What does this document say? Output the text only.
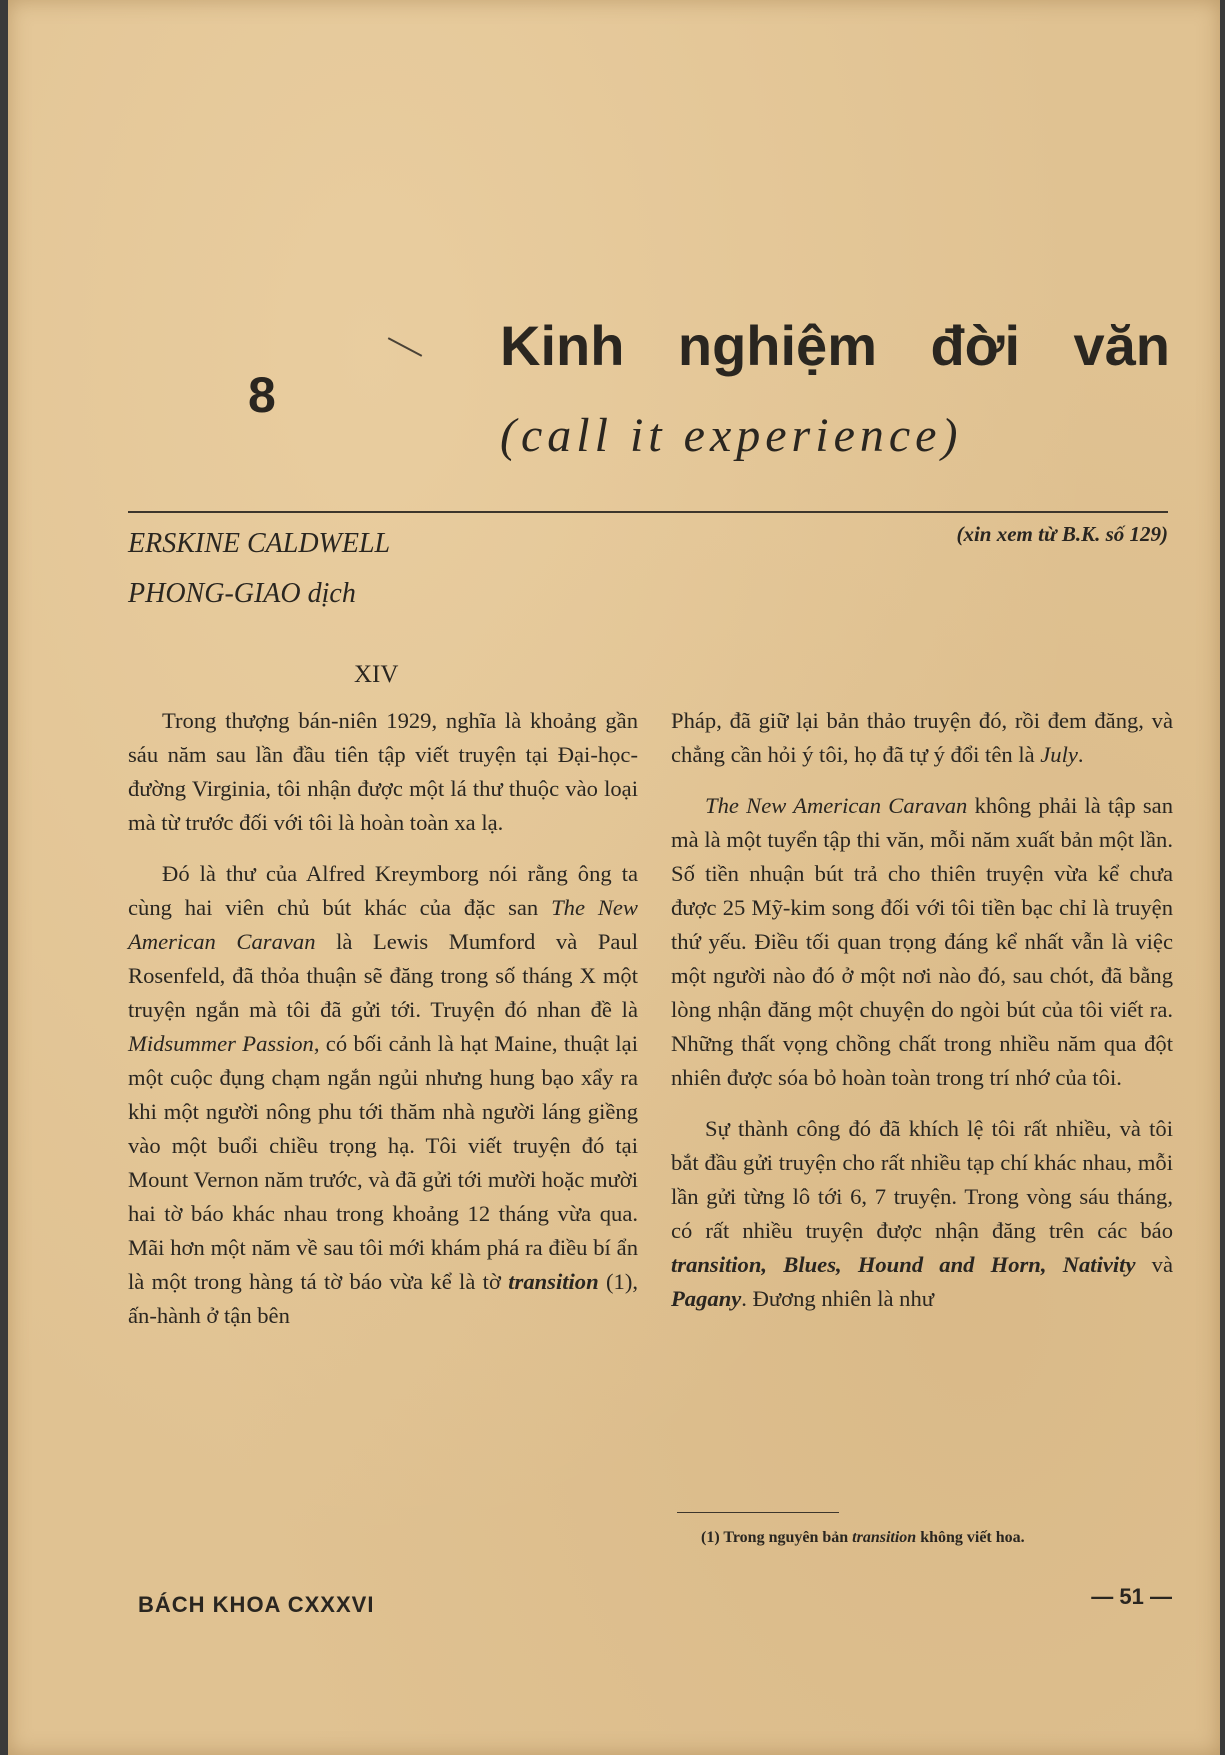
8
Kinh nghiệm đời văn
(call it experience)
ERSKINE CALDWELL
PHONG-GIAO dịch
(xin xem từ B.K. số 129)
XIV

Trong thượng bán-niên 1929, nghĩa là khoảng gần sáu năm sau lần đầu tiên tập viết truyện tại Đại-học-đường Virginia, tôi nhận được một lá thư thuộc vào loại mà từ trước đối với tôi là hoàn toàn xa lạ.

Đó là thư của Alfred Kreymborg nói rằng ông ta cùng hai viên chủ bút khác của đặc san The New American Caravan là Lewis Mumford và Paul Rosenfeld, đã thỏa thuận sẽ đăng trong số tháng X một truyện ngắn mà tôi đã gửi tới. Truyện đó nhan đề là Midsummer Passion, có bối cảnh là hạt Maine, thuật lại một cuộc đụng chạm ngắn ngủi nhưng hung bạo xẩy ra khi một người nông phu tới thăm nhà người láng giềng vào một buổi chiều trọng hạ. Tôi viết truyện đó tại Mount Vernon năm trước, và đã gửi tới mười hoặc mười hai tờ báo khác nhau trong khoảng 12 tháng vừa qua. Mãi hơn một năm về sau tôi mới khám phá ra điều bí ẩn là một trong hàng tá tờ báo vừa kể là tờ transition (1), ấn-hành ở tận bên

Pháp, đã giữ lại bản thảo truyện đó, rồi đem đăng, và chẳng cần hỏi ý tôi, họ đã tự ý đổi tên là July.

The New American Caravan không phải là tập san mà là một tuyển tập thi văn, mỗi năm xuất bản một lần. Số tiền nhuận bút trả cho thiên truyện vừa kể chưa được 25 Mỹ-kim song đối với tôi tiền bạc chỉ là truyện thứ yếu. Điều tối quan trọng đáng kể nhất vẫn là việc một người nào đó ở một nơi nào đó, sau chót, đã bằng lòng nhận đăng một chuyện do ngòi bút của tôi viết ra. Những thất vọng chồng chất trong nhiều năm qua đột nhiên được sóa bỏ hoàn toàn trong trí nhớ của tôi.

Sự thành công đó đã khích lệ tôi rất nhiều, và tôi bắt đầu gửi truyện cho rất nhiều tạp chí khác nhau, mỗi lần gửi từng lô tới 6, 7 truyện. Trong vòng sáu tháng, có rất nhiều truyện được nhận đăng trên các báo transition, Blues, Hound and Horn, Nativity và Pagany. Đương nhiên là như

(1) Trong nguyên bản transition không viết hoa.
BÁCH KHOA CXXXVI	— 51 —
